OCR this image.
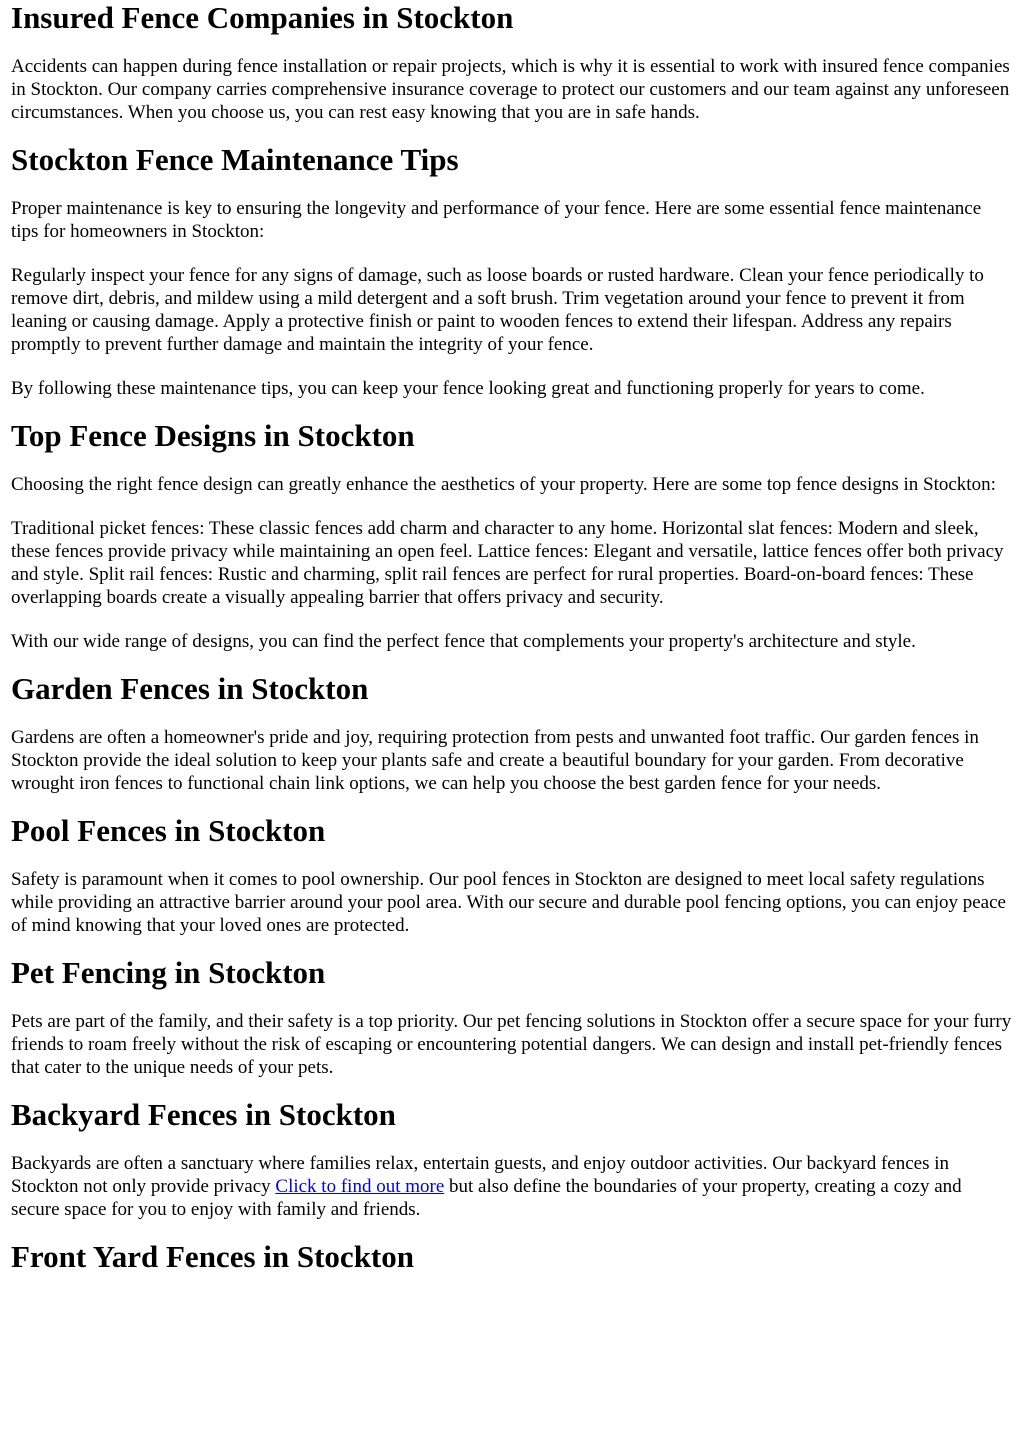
Insured Fence Companies in Stockton

Accidents can happen during fence installation or repair projects, which is why it is essential to work with insured fence companies in Stockton. Our company carries comprehensive insurance coverage to protect our customers and our team against any unforeseen circumstances. When you choose us, you can rest easy knowing that you are in safe hands.

Stockton Fence Maintenance Tips

Proper maintenance is key to ensuring the longevity and performance of your fence. Here are some essential fence maintenance tips for homeowners in Stockton:

Regularly inspect your fence for any signs of damage, such as loose boards or rusted hardware. Clean your fence periodically to remove dirt, debris, and mildew using a mild detergent and a soft brush. Trim vegetation around your fence to prevent it from leaning or causing damage. Apply a protective finish or paint to wooden fences to extend their lifespan. Address any repairs promptly to prevent further damage and maintain the integrity of your fence.

By following these maintenance tips, you can keep your fence looking great and functioning properly for years to come.

Top Fence Designs in Stockton

Choosing the right fence design can greatly enhance the aesthetics of your property. Here are some top fence designs in Stockton:

Traditional picket fences: These classic fences add charm and character to any home. Horizontal slat fences: Modern and sleek, these fences provide privacy while maintaining an open feel. Lattice fences: Elegant and versatile, lattice fences offer both privacy and style. Split rail fences: Rustic and charming, split rail fences are perfect for rural properties. Board-on-board fences: These overlapping boards create a visually appealing barrier that offers privacy and security.

With our wide range of designs, you can find the perfect fence that complements your property's architecture and style.

Garden Fences in Stockton

Gardens are often a homeowner's pride and joy, requiring protection from pests and unwanted foot traffic. Our garden fences in Stockton provide the ideal solution to keep your plants safe and create a beautiful boundary for your garden. From decorative wrought iron fences to functional chain link options, we can help you choose the best garden fence for your needs.

Pool Fences in Stockton

Safety is paramount when it comes to pool ownership. Our pool fences in Stockton are designed to meet local safety regulations while providing an attractive barrier around your pool area. With our secure and durable pool fencing options, you can enjoy peace of mind knowing that your loved ones are protected.

Pet Fencing in Stockton

Pets are part of the family, and their safety is a top priority. Our pet fencing solutions in Stockton offer a secure space for your furry friends to roam freely without the risk of escaping or encountering potential dangers. We can design and install pet-friendly fences that cater to the unique needs of your pets.

Backyard Fences in Stockton

Backyards are often a sanctuary where families relax, entertain guests, and enjoy outdoor activities. Our backyard fences in Stockton not only provide privacy Click to find out more but also define the boundaries of your property, creating a cozy and secure space for you to enjoy with family and friends.

Front Yard Fences in Stockton
